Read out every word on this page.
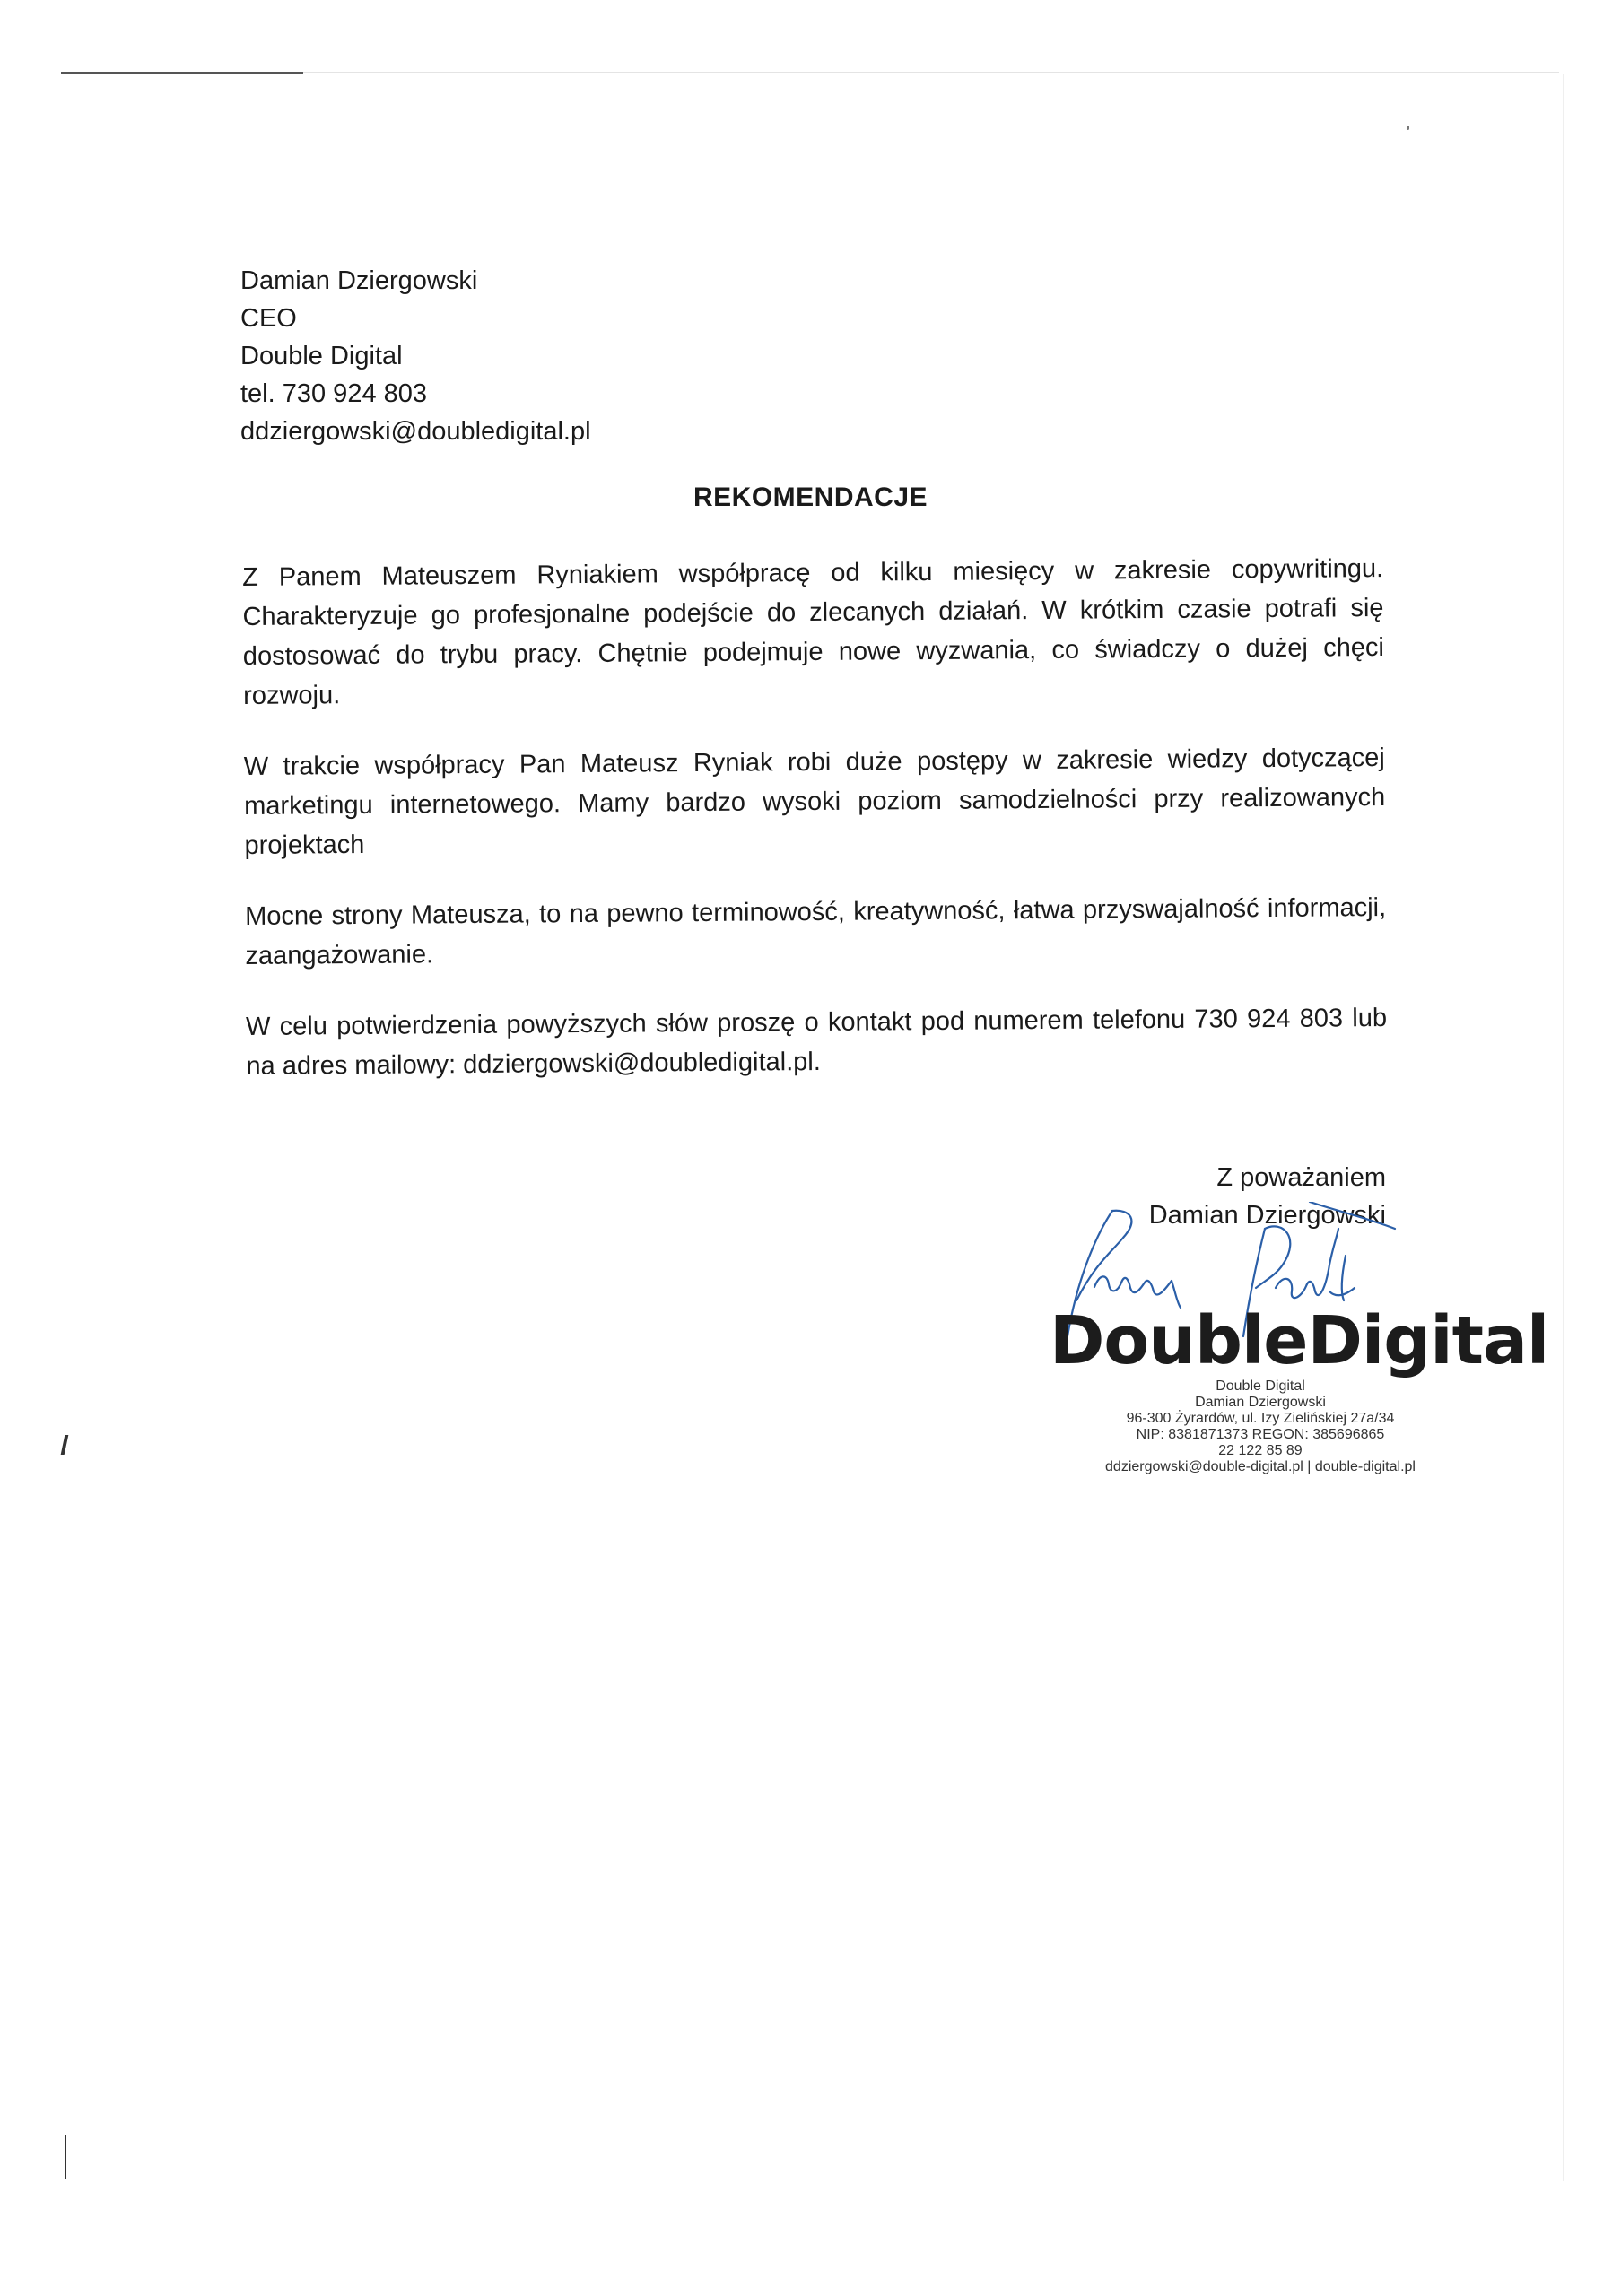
Damian Dziergowski
CEO
Double Digital
tel. 730 924 803
ddziergowski@doubledigital.pl
REKOMENDACJE

Z Panem Mateuszem Ryniakiem współpracę od kilku miesięcy w zakresie copywritingu. Charakteryzuje go profesjonalne podejście do zlecanych działań. W krótkim czasie potrafi się dostosować do trybu pracy. Chętnie podejmuje nowe wyzwania, co świadczy o dużej chęci rozwoju.

W trakcie współpracy Pan Mateusz Ryniak robi duże postępy w zakresie wiedzy dotyczącej marketingu internetowego. Mamy bardzo wysoki poziom samodzielności przy realizowanych projektach

Mocne strony Mateusza, to na pewno terminowość, kreatywność, łatwa przyswajalność informacji, zaangażowanie.

W celu potwierdzenia powyższych słów proszę o kontakt pod numerem telefonu 730 924 803 lub na adres mailowy: ddziergowski@doubledigital.pl.

Z poważaniem
Damian Dziergowski
DoubleDigital
Double Digital
Damian Dziergowski
96-300 Żyrardów, ul. Izy Zielińskiej 27a/34
NIP: 8381871373 REGON: 385696865
22 122 85 89
ddziergowski@double-digital.pl | double-digital.pl
